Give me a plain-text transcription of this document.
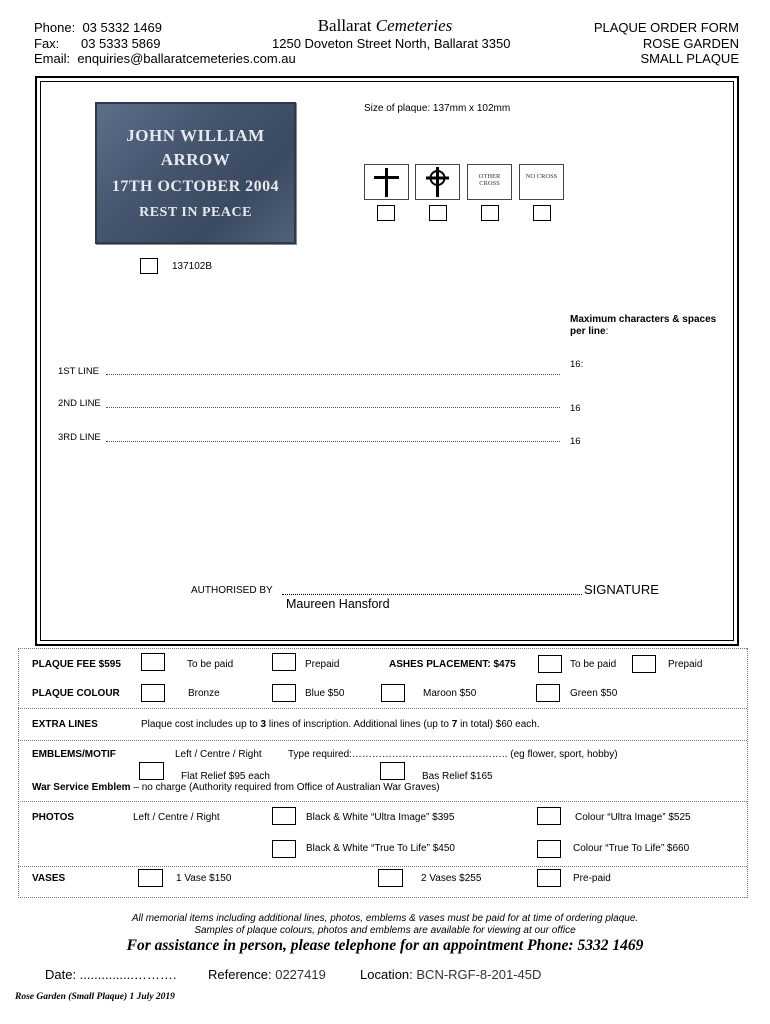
Phone: 03 5332 1469
Fax: 03 5333 5869
Email: enquiries@ballaratcemeteries.com.au
Ballarat Cemeteries
1250 Doveton Street North, Ballarat 3350
PLAQUE ORDER FORM
ROSE GARDEN
SMALL PLAQUE
JOHN WILLIAM
ARROW
17TH OCTOBER 2004
REST IN PEACE
137102B
Size of plaque: 137mm x 102mm
OTHER CROSS
NO CROSS
Maximum characters & spaces per line:
1ST LINE
16:
2ND LINE	16
3RD LINE	16
AUTHORISED BY	SIGNATURE
Maureen Hansford
PLAQUE FEE $595	To be paid	Prepaid	ASHES PLACEMENT: $475	To be paid	Prepaid
PLAQUE COLOUR	Bronze	Blue $50	Maroon $50	Green $50
EXTRA LINES	Plaque cost includes up to 3 lines of inscription. Additional lines (up to 7 in total) $60 each.
EMBLEMS/MOTIF	Left / Centre / Right	Type required:……………………………………….. (eg flower, sport, hobby)
Flat Relief $95 each	Bas Relief $165
War Service Emblem – no charge (Authority required from Office of Australian War Graves)
PHOTOS	Left / Centre / Right	Black & White “Ultra Image” $395	Colour “Ultra Image” $525
Black & White “True To Life” $450	Colour “True To Life” $660
VASES	1 Vase $150	2 Vases $255	Pre-paid
All memorial items including additional lines, photos, emblems & vases must be paid for at time of ordering plaque.
Samples of plaque colours, photos and emblems are available for viewing at our office
For assistance in person, please telephone for an appointment Phone: 5332 1469
Date: ...............………. Reference: 0227419	Location: BCN-RGF-8-201-45D
Rose Garden (Small Plaque) 1 July 2019
